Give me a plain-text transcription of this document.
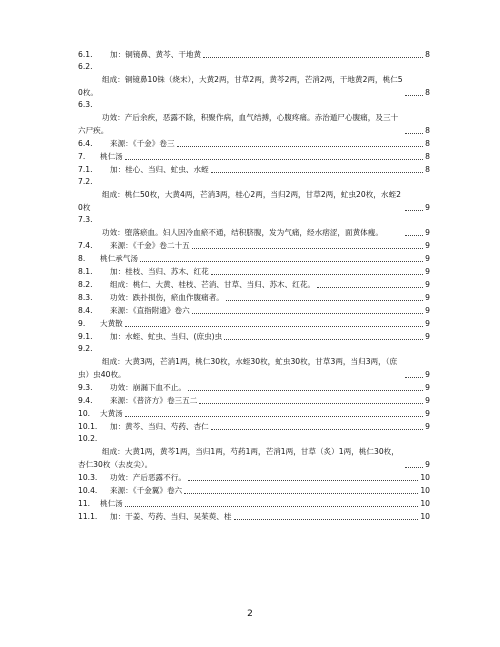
6.1.	加：铜镜鼻、黄芩、干地黄	8
6.2.
组成：铜镜鼻10铢（烧末），大黄2两，甘草2两，黄芩2两，芒消2两，干地黄2两，桃仁50枚。	8
6.3.
功效：产后余疾，恶露不除，积聚作病，血气结搏，心腹疼痛。赤治遁尸心腹痛，及三十六尸疾。	8
6.4.	来源：《千金》卷三	8
7.	桃仁汤	8
7.1.	加：桂心、当归、虻虫、水蛭	8
7.2.
组成：桃仁50枚，大黄4两，芒消3两，桂心2两，当归2两，甘草2两，虻虫20枚，水蛭20枚	9
7.3.
功效：堕落瘀血。妇人因冷血瘀不通，结积脐腹，发为气痛，经水痞涩，面黄体瘦。	9
7.4.	来源：《千金》卷二十五	9
8.	桃仁承气汤	9
8.1.	加：桂枝、当归、苏木、红花	9
8.2.	组成：桃仁、大黄、桂枝、芒消、甘草、当归、苏木、红花。	9
8.3.	功效：跌扑损伤，瘀血作腹痛者。	9
8.4.	来源：《直指附遗》卷六	9
9.	大黄散	9
9.1.	加：水蛭、虻虫、当归、(庶虫)虫	9
9.2.
组成：大黄3两，芒消1两，桃仁30枚，水蛭30枚，虻虫30枚，甘草3两，当归3两，（庶虫）虫40枚。	9
9.3.	功效：崩漏下血不止。	9
9.4.	来源：《普济方》卷三五二	9
10.	大黄汤	9
10.1.	加：黄芩、当归、芍药、杏仁	9
10.2.
组成：大黄1两，黄芩1两，当归1两，芍药1两，芒消1两，甘草（炙）1两，桃仁30枚，杏仁30枚（去皮尖）。	9
10.3.	功效：产后恶露不行。	10
10.4.	来源：《千金翼》卷六	10
11.	桃仁汤	10
11.1.	加：干姜、芍药、当归、吴茱萸、桂	10
2
